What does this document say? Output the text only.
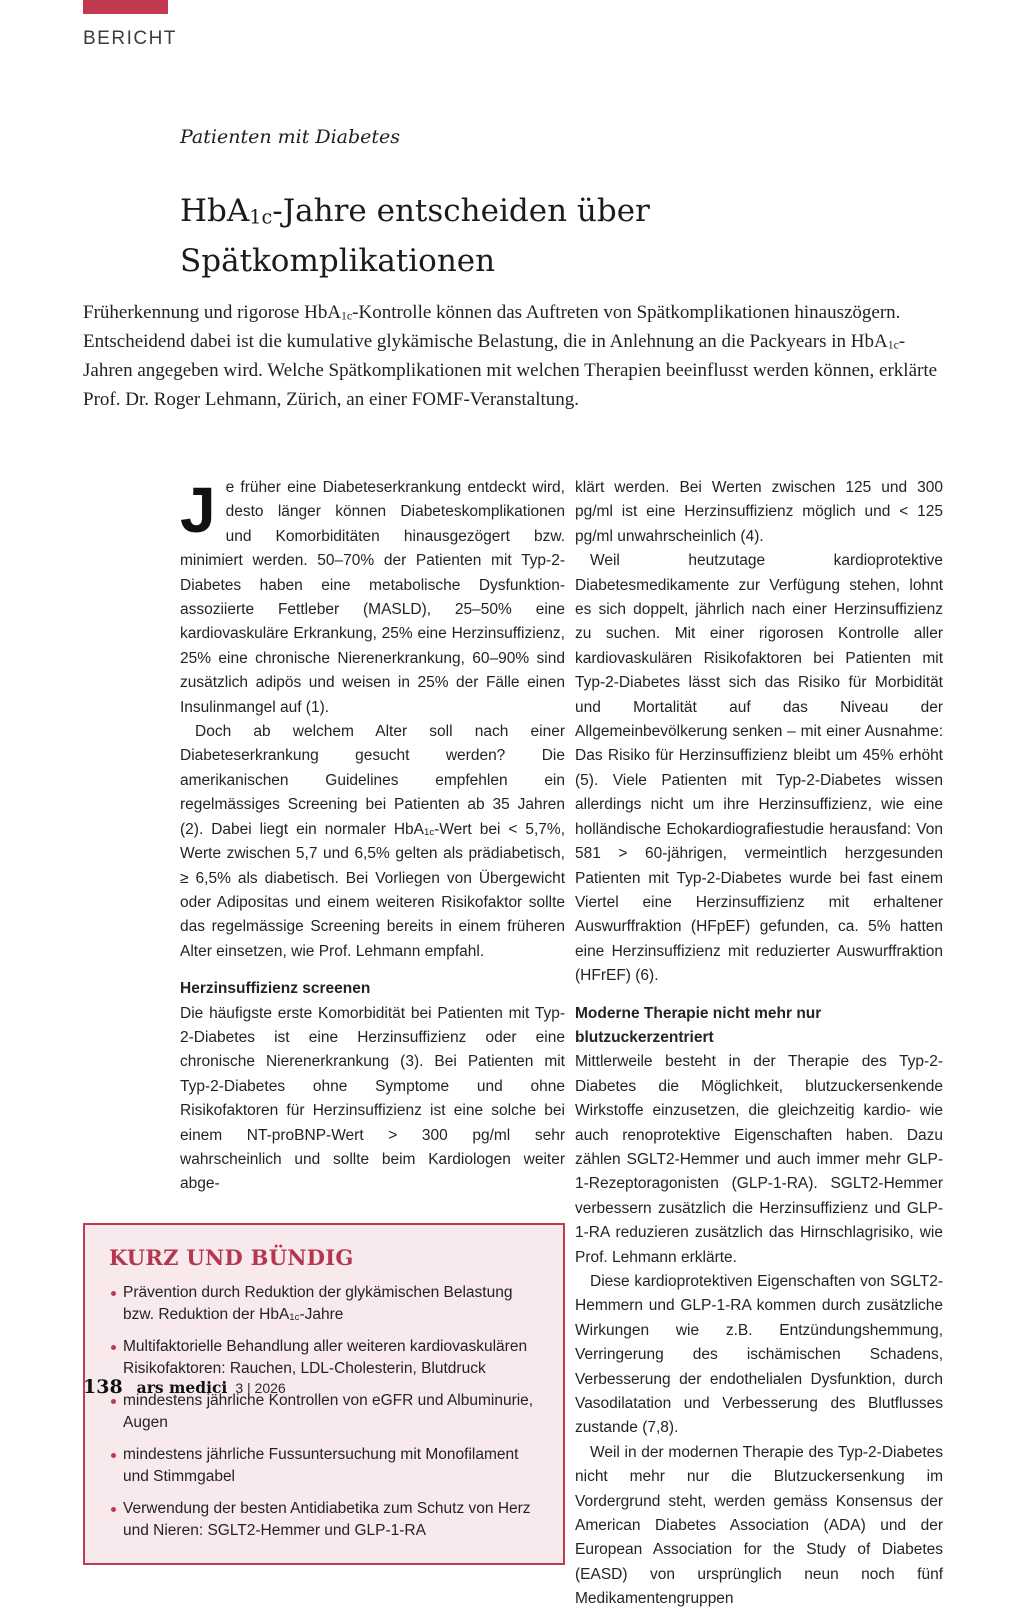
BERICHT
Patienten mit Diabetes
HbA$_{1c}$-Jahre entscheiden über Spätkomplikationen
Früherkennung und rigorose HbA$_{1c}$-Kontrolle können das Auftreten von Spätkomplikationen hinauszögern. Entscheidend dabei ist die kumulative glykämische Belastung, die in Anlehnung an die Packyears in HbA$_{1c}$-Jahren angegeben wird. Welche Spätkomplikationen mit welchen Therapien beeinflusst werden können, erklärte Prof. Dr. Roger Lehmann, Zürich, an einer FOMF-Veranstaltung.

Je früher eine Diabeteserkrankung entdeckt wird, desto länger können Diabeteskomplikationen und Komorbiditäten hinausgezögert bzw. minimiert werden. 50–70% der Patienten mit Typ-2-Diabetes haben eine metabolische Dysfunktion-assoziierte Fettleber (MASLD), 25–50% eine kardiovaskuläre Erkrankung, 25% eine Herzinsuffizienz, 25% eine chronische Nierenerkrankung, 60–90% sind zusätzlich adipös und weisen in 25% der Fälle einen Insulinmangel auf (1).

Doch ab welchem Alter soll nach einer Diabeteserkrankung gesucht werden? Die amerikanischen Guidelines empfehlen ein regelmässiges Screening bei Patienten ab 35 Jahren (2). Dabei liegt ein normaler HbA$_{1c}$-Wert bei < 5,7%, Werte zwischen 5,7 und 6,5% gelten als prädiabetisch, ≥ 6,5% als diabetisch. Bei Vorliegen von Übergewicht oder Adipositas und einem weiteren Risikofaktor sollte das regelmässige Screening bereits in einem früheren Alter einsetzen, wie Prof. Lehmann empfahl.

Herzinsuffizienz screenen

Die häufigste erste Komorbidität bei Patienten mit Typ-2-Diabetes ist eine Herzinsuffizienz oder eine chronische Nierenerkrankung (3). Bei Patienten mit Typ-2-Diabetes ohne Symptome und ohne Risikofaktoren für Herzinsuffizienz ist eine solche bei einem NT-proBNP-Wert > 300 pg/ml sehr wahrscheinlich und sollte beim Kardiologen weiter abge-

KURZ UND BÜNDIG
Prävention durch Reduktion der glykämischen Belastung bzw. Reduktion der HbA$_{1c}$-Jahre
Multifaktorielle Behandlung aller weiteren kardiovaskulären Risikofaktoren: Rauchen, LDL-Cholesterin, Blutdruck
mindestens jährliche Kontrollen von eGFR und Albuminurie, Augen
mindestens jährliche Fussuntersuchung mit Monofilament und Stimmgabel
Verwendung der besten Antidiabetika zum Schutz von Herz und Nieren: SGLT2-Hemmer und GLP-1-RA

klärt werden. Bei Werten zwischen 125 und 300 pg/ml ist eine Herzinsuffizienz möglich und < 125 pg/ml unwahrscheinlich (4).

Weil heutzutage kardioprotektive Diabetesmedikamente zur Verfügung stehen, lohnt es sich doppelt, jährlich nach einer Herzinsuffizienz zu suchen. Mit einer rigorosen Kontrolle aller kardiovaskulären Risikofaktoren bei Patienten mit Typ-2-Diabetes lässt sich das Risiko für Morbidität und Mortalität auf das Niveau der Allgemeinbevölkerung senken – mit einer Ausnahme: Das Risiko für Herzinsuffizienz bleibt um 45% erhöht (5). Viele Patienten mit Typ-2-Diabetes wissen allerdings nicht um ihre Herzinsuffizienz, wie eine holländische Echokardiografiestudie herausfand: Von 581 > 60-jährigen, vermeintlich herzgesunden Patienten mit Typ-2-Diabetes wurde bei fast einem Viertel eine Herzinsuffizienz mit erhaltener Auswurffraktion (HFpEF) gefunden, ca. 5% hatten eine Herzinsuffizienz mit reduzierter Auswurffraktion (HFrEF) (6).

Moderne Therapie nicht mehr nur blutzuckerzentriert

Mittlerweile besteht in der Therapie des Typ-2-Diabetes die Möglichkeit, blutzuckersenkende Wirkstoffe einzusetzen, die gleichzeitig kardio- wie auch renoprotektive Eigenschaften haben. Dazu zählen SGLT2-Hemmer und auch immer mehr GLP-1-Rezeptoragonisten (GLP-1-RA). SGLT2-Hemmer verbessern zusätzlich die Herzinsuffizienz und GLP-1-RA reduzieren zusätzlich das Hirnschlagrisiko, wie Prof. Lehmann erklärte.

Diese kardioprotektiven Eigenschaften von SGLT2-Hemmern und GLP-1-RA kommen durch zusätzliche Wirkungen wie z.B. Entzündungshemmung, Verringerung des ischämischen Schadens, Verbesserung der endothelialen Dysfunktion, durch Vasodilatation und Verbesserung des Blutflusses zustande (7,8).

Weil in der modernen Therapie des Typ-2-Diabetes nicht mehr nur die Blutzuckersenkung im Vordergrund steht, werden gemäss Konsensus der American Diabetes Association (ADA) und der European Association for the Study of Diabetes (EASD) von ursprünglich neun noch fünf Medikamentengruppen

138 ars medici 3 | 2026
